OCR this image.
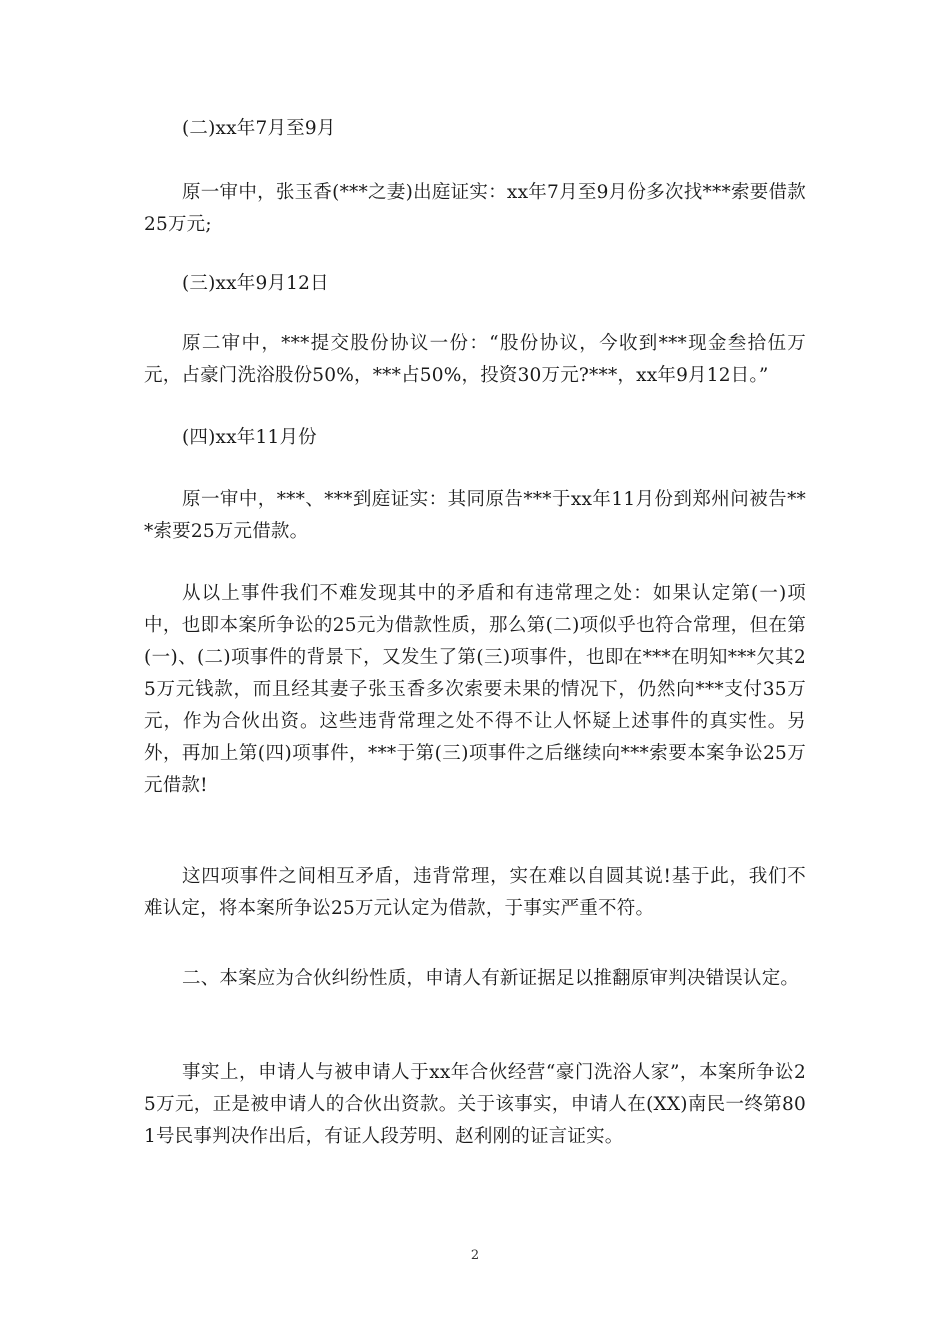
(二)xx年7月至9月

原一审中，张玉香(***之妻)出庭证实：xx年7月至9月份多次找***索要借款25万元;

(三)xx年9月12日

原二审中，***提交股份协议一份：“股份协议，今收到***现金叁拾伍万元，占豪门洗浴股份50%，***占50%，投资30万元?***，xx年9月12日。”

(四)xx年11月份

原一审中，***、***到庭证实：其同原告***于xx年11月份到郑州问被告***索要25万元借款。

从以上事件我们不难发现其中的矛盾和有违常理之处：如果认定第(一)项中，也即本案所争讼的25元为借款性质，那么第(二)项似乎也符合常理，但在第(一)、(二)项事件的背景下，又发生了第(三)项事件，也即在***在明知***欠其25万元钱款，而且经其妻子张玉香多次索要未果的情况下，仍然向***支付35万元，作为合伙出资。这些违背常理之处不得不让人怀疑上述事件的真实性。另外，再加上第(四)项事件，***于第(三)项事件之后继续向***索要本案争讼25万元借款!

这四项事件之间相互矛盾，违背常理，实在难以自圆其说!基于此，我们不难认定，将本案所争讼25万元认定为借款，于事实严重不符。

二、本案应为合伙纠纷性质，申请人有新证据足以推翻原审判决错误认定。

事实上，申请人与被申请人于xx年合伙经营“豪门洗浴人家”，本案所争讼25万元，正是被申请人的合伙出资款。关于该事实，申请人在(XX)南民一终第801号民事判决作出后，有证人段芳明、赵利刚的证言证实。

2
